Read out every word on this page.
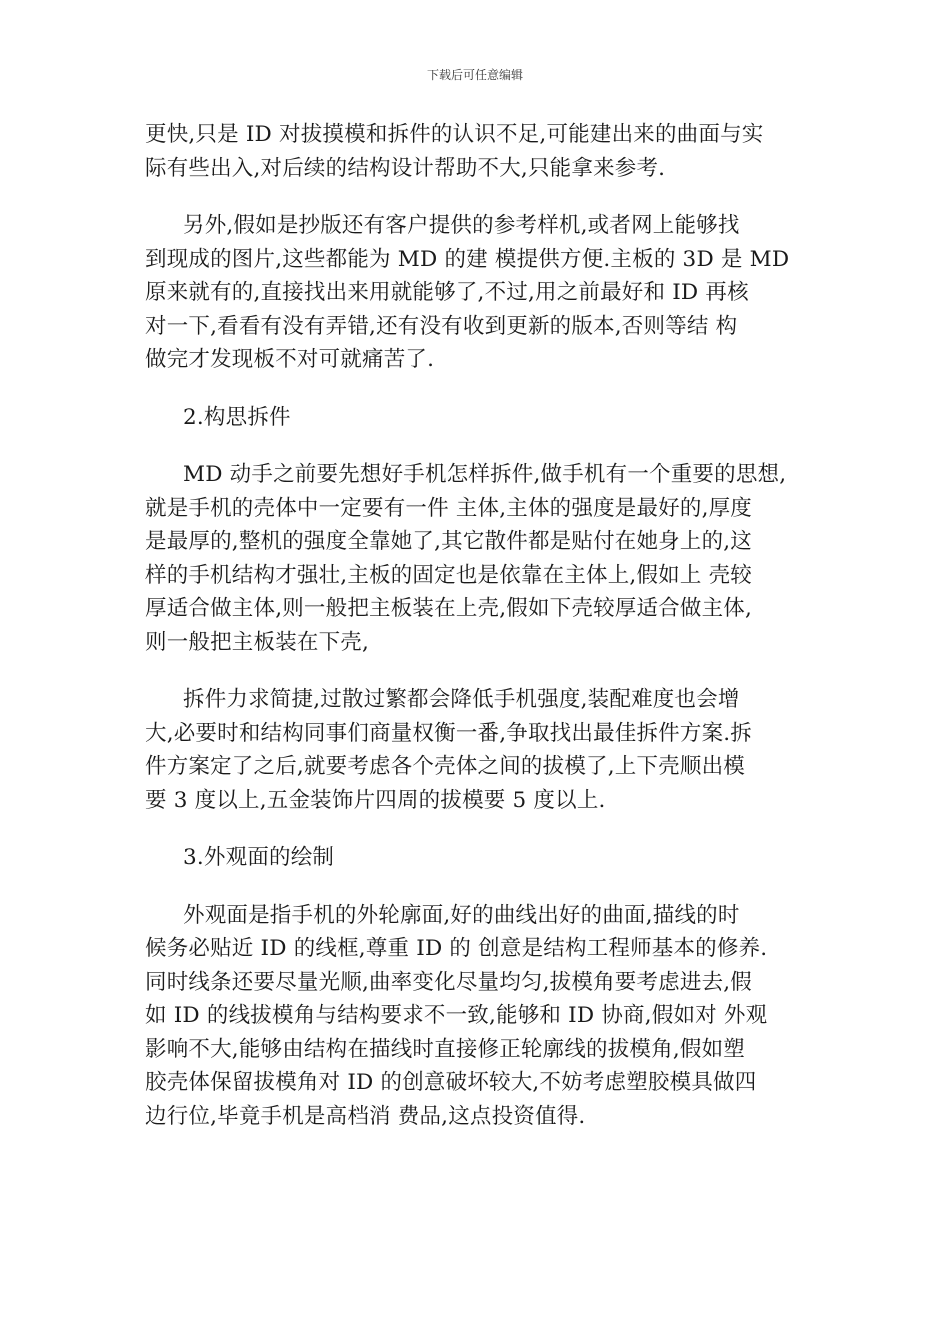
下载后可任意编辑
更快,只是 ID 对拔摸模和拆件的认识不足,可能建出来的曲面与实
际有些出入,对后续的结构设计帮助不大,只能拿来参考.
另外,假如是抄版还有客户提供的参考样机,或者网上能够找
到现成的图片,这些都能为 MD 的建 模提供方便.主板的 3D 是 MD
原来就有的,直接找出来用就能够了,不过,用之前最好和 ID 再核
对一下,看看有没有弄错,还有没有收到更新的版本,否则等结 构
做完才发现板不对可就痛苦了.
2.构思拆件
MD 动手之前要先想好手机怎样拆件,做手机有一个重要的思想,
就是手机的壳体中一定要有一件 主体,主体的强度是最好的,厚度
是最厚的,整机的强度全靠她了,其它散件都是贴付在她身上的,这
样的手机结构才强壮,主板的固定也是依靠在主体上,假如上 壳较
厚适合做主体,则一般把主板装在上壳,假如下壳较厚适合做主体,
则一般把主板装在下壳,
拆件力求简捷,过散过繁都会降低手机强度,装配难度也会增
大,必要时和结构同事们商量权衡一番,争取找出最佳拆件方案.拆
件方案定了之后,就要考虑各个壳体之间的拔模了,上下壳顺出模
要 3 度以上,五金装饰片四周的拔模要 5 度以上.
3.外观面的绘制
外观面是指手机的外轮廓面,好的曲线出好的曲面,描线的时
候务必贴近 ID 的线框,尊重 ID 的 创意是结构工程师基本的修养.
同时线条还要尽量光顺,曲率变化尽量均匀,拔模角要考虑进去,假
如 ID 的线拔模角与结构要求不一致,能够和 ID 协商,假如对 外观
影响不大,能够由结构在描线时直接修正轮廓线的拔模角,假如塑
胶壳体保留拔模角对 ID 的创意破坏较大,不妨考虑塑胶模具做四
边行位,毕竟手机是高档消 费品,这点投资值得.
